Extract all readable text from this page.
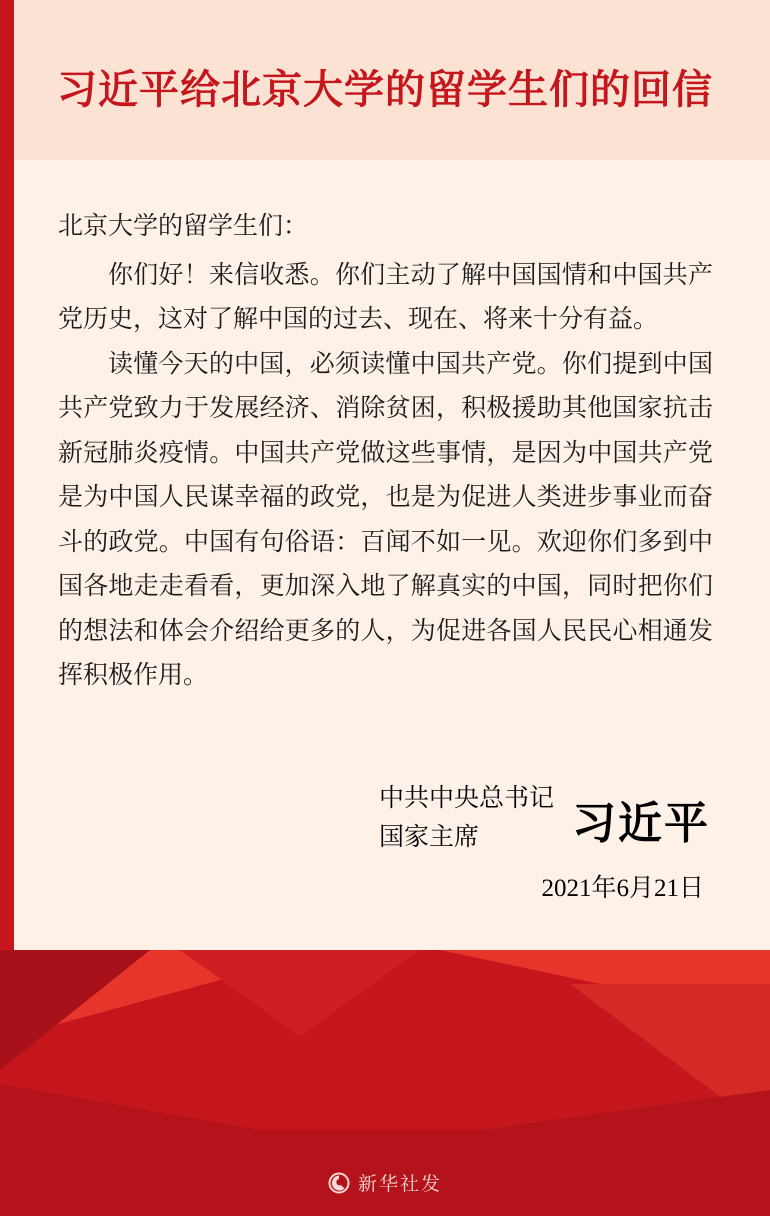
习近平给北京大学的留学生们的回信
北京大学的留学生们：

你们好！来信收悉。你们主动了解中国国情和中国共产党历史，这对了解中国的过去、现在、将来十分有益。

读懂今天的中国，必须读懂中国共产党。你们提到中国共产党致力于发展经济、消除贫困，积极援助其他国家抗击新冠肺炎疫情。中国共产党做这些事情，是因为中国共产党是为中国人民谋幸福的政党，也是为促进人类进步事业而奋斗的政党。中国有句俗语：百闻不如一见。欢迎你们多到中国各地走走看看，更加深入地了解真实的中国，同时把你们的想法和体会介绍给更多的人，为促进各国人民民心相通发挥积极作用。

中共中央总书记
国家主席	习近平
2021年6月21日
新华社发
